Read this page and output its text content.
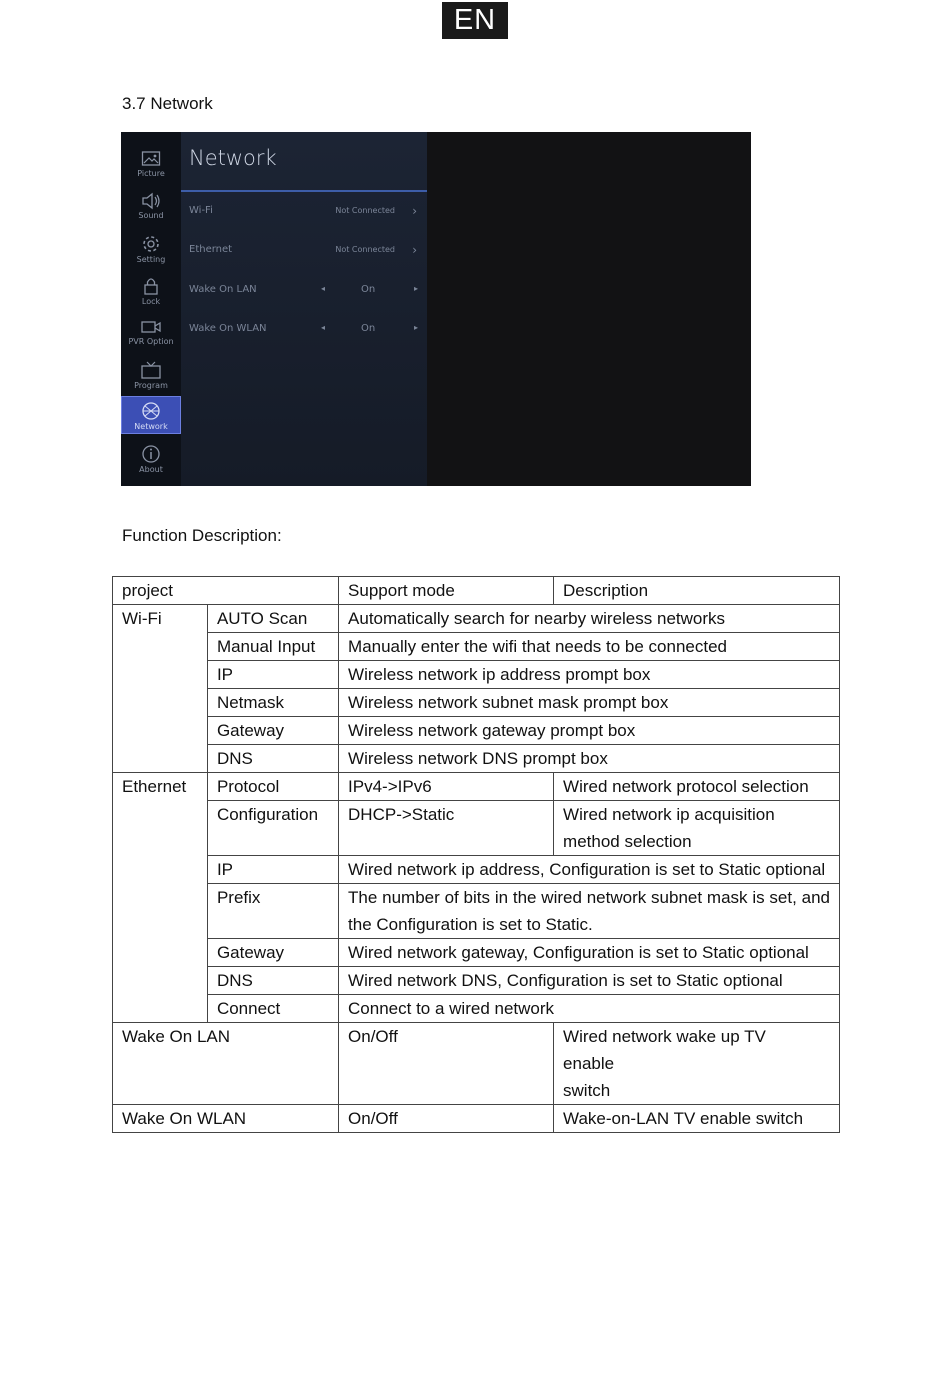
EN
3.7 Network
Picture
Sound
Setting
Lock
PVR Option
Program
Network
About
Network
Wi-Fi	Not Connected ›
Ethernet	Not Connected ›
Wake On LAN	◂	On	▸
Wake On WLAN	◂	On	▸
Function Description:
project		Support mode	Description
Wi-Fi	AUTO Scan	Automatically search for nearby wireless networks	
	Manual Input	Manually enter the wifi that needs to be connected	
	IP	Wireless network ip address prompt box	
	Netmask	Wireless network subnet mask prompt box	
	Gateway	Wireless network gateway prompt box	
	DNS	Wireless network DNS prompt box	
Ethernet	Protocol	IPv4->IPv6	Wired network protocol selection
	Configuration	DHCP->Static	Wired network ip acquisition method selection
	IP	Wired network ip address, Configuration is set to Static optional	
	Prefix	The number of bits in the wired network subnet mask is set, and the Configuration is set to Static.	
	Gateway	Wired network gateway, Configuration is set to Static optional	
	DNS	Wired network DNS, Configuration is set to Static optional	
	Connect	Connect to a wired network	
Wake On LAN		On/Off	Wired network wake up TV
enable
switch

Wake On WLAN		On/Off	Wake-on-LAN TV enable switch
